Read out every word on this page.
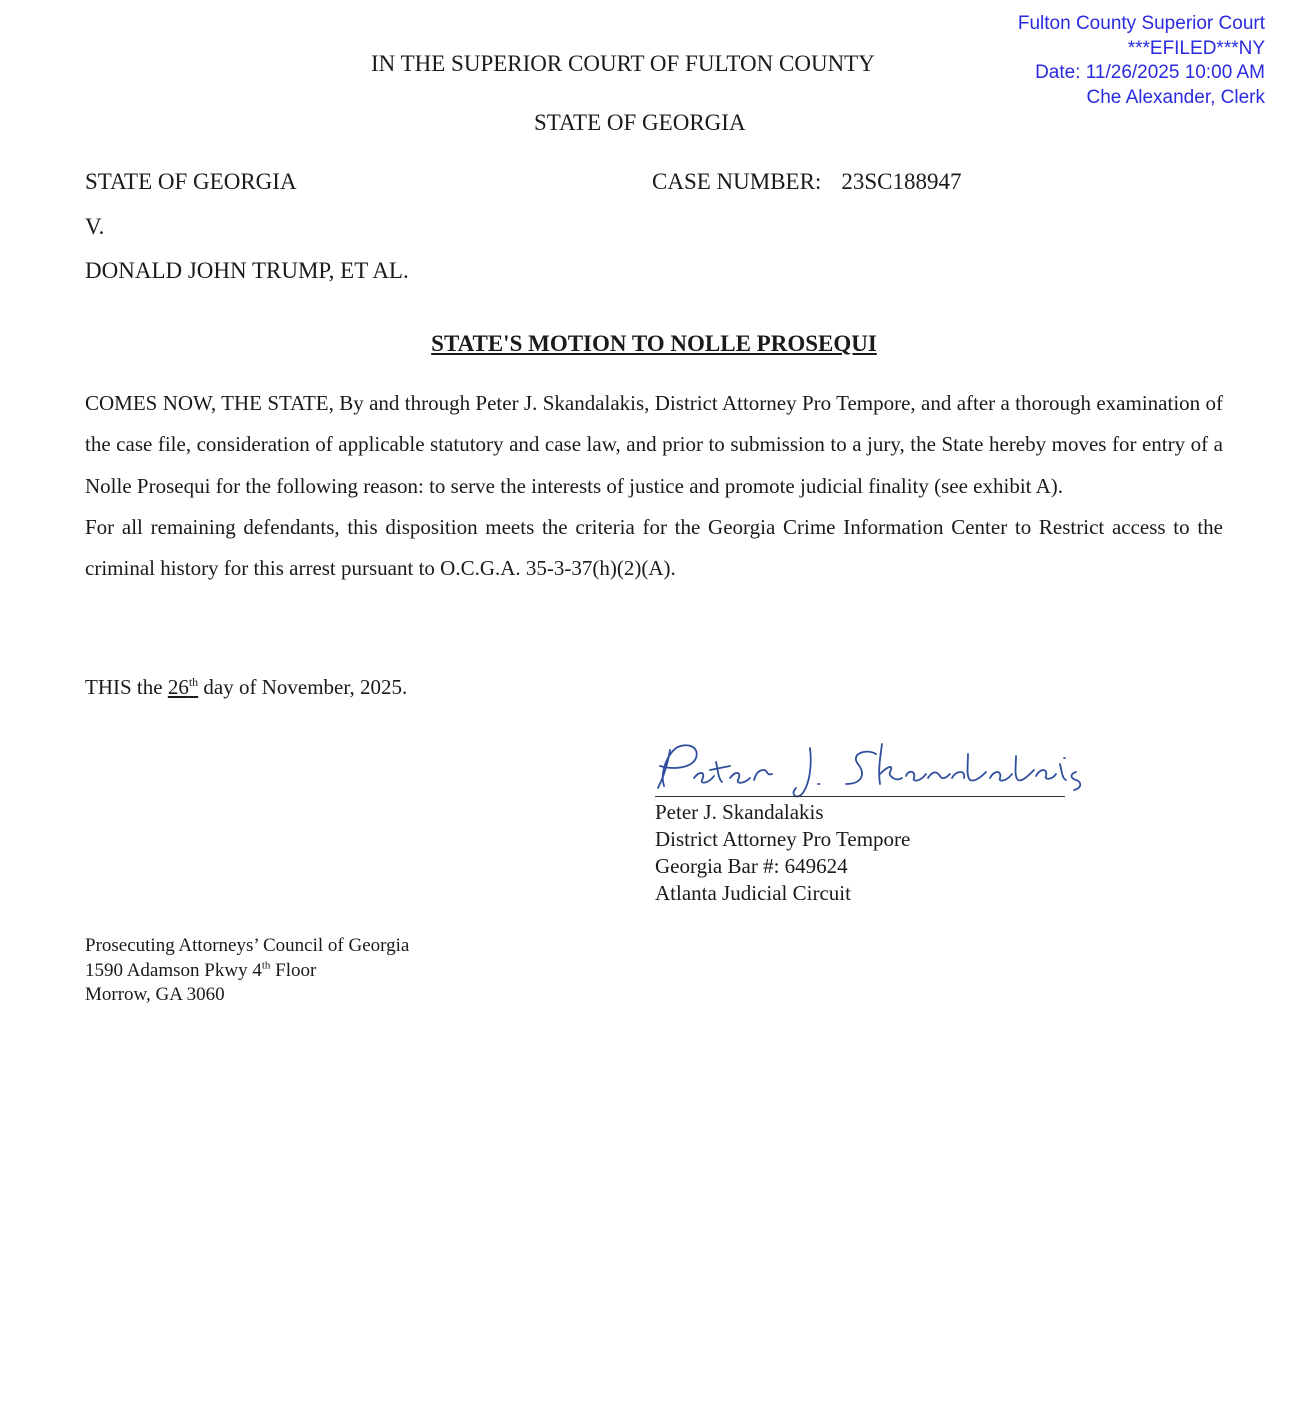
Fulton County Superior Court
***EFILED***NY
Date: 11/26/2025 10:00 AM
Che Alexander, Clerk
IN THE SUPERIOR COURT OF FULTON COUNTY
STATE OF GEORGIA
STATE OF GEORGIA
V.
DONALD JOHN TRUMP, ET AL.
CASE NUMBER: 23SC188947
STATE'S MOTION TO NOLLE PROSEQUI

COMES NOW, THE STATE, By and through Peter J. Skandalakis, District Attorney Pro Tempore, and after a thorough examination of the case file, consideration of applicable statutory and case law, and prior to submission to a jury, the State hereby moves for entry of a Nolle Prosequi for the following reason: to serve the interests of justice and promote judicial finality (see exhibit A).

For all remaining defendants, this disposition meets the criteria for the Georgia Crime Information Center to Restrict access to the criminal history for this arrest pursuant to O.C.G.A. 35-3-37(h)(2)(A).

THIS the 26th day of November, 2025.
Peter J. Skandalakis
District Attorney Pro Tempore
Georgia Bar #: 649624
Atlanta Judicial Circuit
Prosecuting Attorneys’ Council of Georgia
1590 Adamson Pkwy 4th Floor
Morrow, GA 3060
